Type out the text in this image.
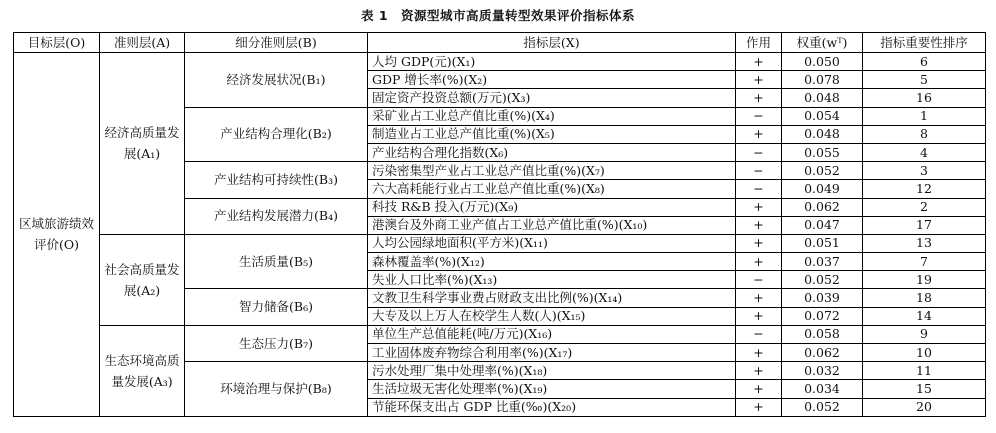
表 1　资源型城市高质量转型效果评价指标体系
目标层(O)	准则层(A)	细分准则层(B)	指标层(X)	作用	权重(wᵀ)	指标重要性排序
区域旅游绩效评价(O)	经济高质量发展(A₁)	经济发展状况(B₁)	人均 GDP(元)(X₁)	+	0.050	6
			GDP 增长率(%)(X₂)	+	0.078	5
			固定资产投资总额(万元)(X₃)	+	0.048	16
		产业结构合理化(B₂)	采矿业占工业总产值比重(%)(X₄)	−	0.054	1
			制造业占工业总产值比重(%)(X₅)	+	0.048	8
			产业结构合理化指数(X₆)	−	0.055	4
		产业结构可持续性(B₃)	污染密集型产业占工业总产值比重(%)(X₇)	−	0.052	3
			六大高耗能行业占工业总产值比重(%)(X₈)	−	0.049	12
		产业结构发展潜力(B₄)	科技 R&B 投入(万元)(X₉)	+	0.062	2
			港澳台及外商工业产值占工业总产值比重(%)(X₁₀)	+	0.047	17
	社会高质量发展(A₂)	生活质量(B₅)	人均公园绿地面积(平方米)(X₁₁)	+	0.051	13
			森林覆盖率(%)(X₁₂)	+	0.037	7
			失业人口比率(%)(X₁₃)	−	0.052	19
		智力储备(B₆)	文教卫生科学事业费占财政支出比例(%)(X₁₄)	+	0.039	18
			大专及以上万人在校学生人数(人)(X₁₅)	+	0.072	14
	生态环境高质量发展(A₃)	生态压力(B₇)	单位生产总值能耗(吨/万元)(X₁₆)	−	0.058	9
			工业固体废弃物综合利用率(%)(X₁₇)	+	0.062	10
		环境治理与保护(B₈)	污水处理厂集中处理率(%)(X₁₈)	+	0.032	11
			生活垃圾无害化处理率(%)(X₁₉)	+	0.034	15
			节能环保支出占 GDP 比重(‰)(X₂₀)	+	0.052	20
